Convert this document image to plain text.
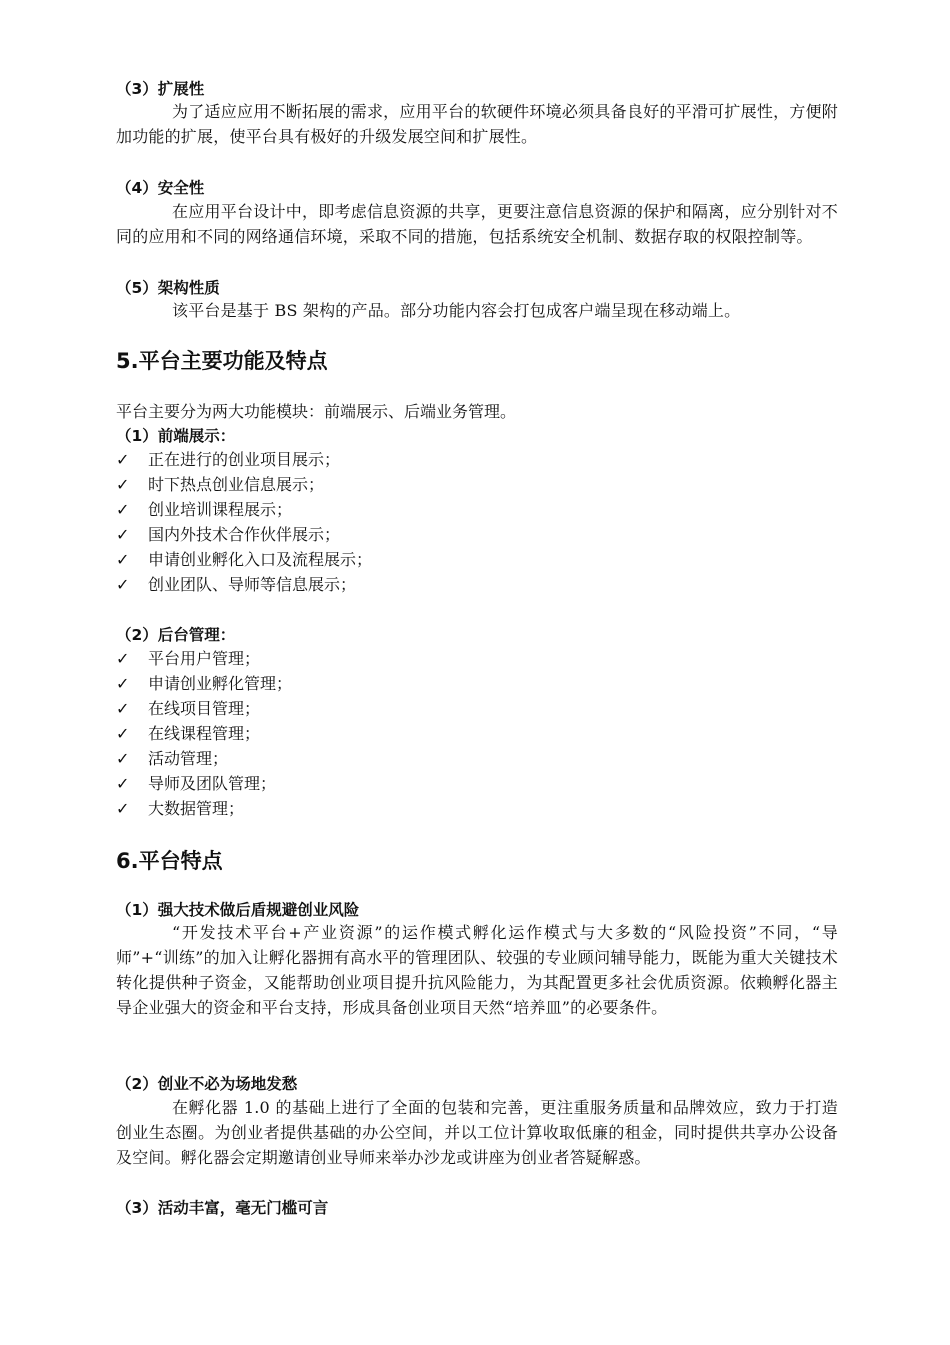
（3）扩展性
为了适应应用不断拓展的需求，应用平台的软硬件环境必须具备良好的平滑可扩展性，方便附加功能的扩展，使平台具有极好的升级发展空间和扩展性。
（4）安全性
在应用平台设计中，即考虑信息资源的共享，更要注意信息资源的保护和隔离，应分别针对不同的应用和不同的网络通信环境，采取不同的措施，包括系统安全机制、数据存取的权限控制等。
（5）架构性质
该平台是基于 BS 架构的产品。部分功能内容会打包成客户端呈现在移动端上。
5.平台主要功能及特点
平台主要分为两大功能模块：前端展示、后端业务管理。
（1）前端展示：
✓ 正在进行的创业项目展示；
✓ 时下热点创业信息展示；
✓ 创业培训课程展示；
✓ 国内外技术合作伙伴展示；
✓ 申请创业孵化入口及流程展示；
✓ 创业团队、导师等信息展示；
（2）后台管理：
✓ 平台用户管理；
✓ 申请创业孵化管理；
✓ 在线项目管理；
✓ 在线课程管理；
✓ 活动管理；
✓ 导师及团队管理；
✓ 大数据管理；
6.平台特点
（1）强大技术做后盾规避创业风险
“开发技术平台+产业资源”的运作模式孵化运作模式与大多数的“风险投资”不同，“导师”+“训练”的加入让孵化器拥有高水平的管理团队、较强的专业顾问辅导能力，既能为重大关键技术转化提供种子资金，又能帮助创业项目提升抗风险能力，为其配置更多社会优质资源。依赖孵化器主导企业强大的资金和平台支持，形成具备创业项目天然“培养皿”的必要条件。
（2）创业不必为场地发愁
在孵化器 1.0 的基础上进行了全面的包装和完善，更注重服务质量和品牌效应，致力于打造创业生态圈。为创业者提供基础的办公空间，并以工位计算收取低廉的租金，同时提供共享办公设备及空间。孵化器会定期邀请创业导师来举办沙龙或讲座为创业者答疑解惑。
（3）活动丰富，毫无门槛可言
